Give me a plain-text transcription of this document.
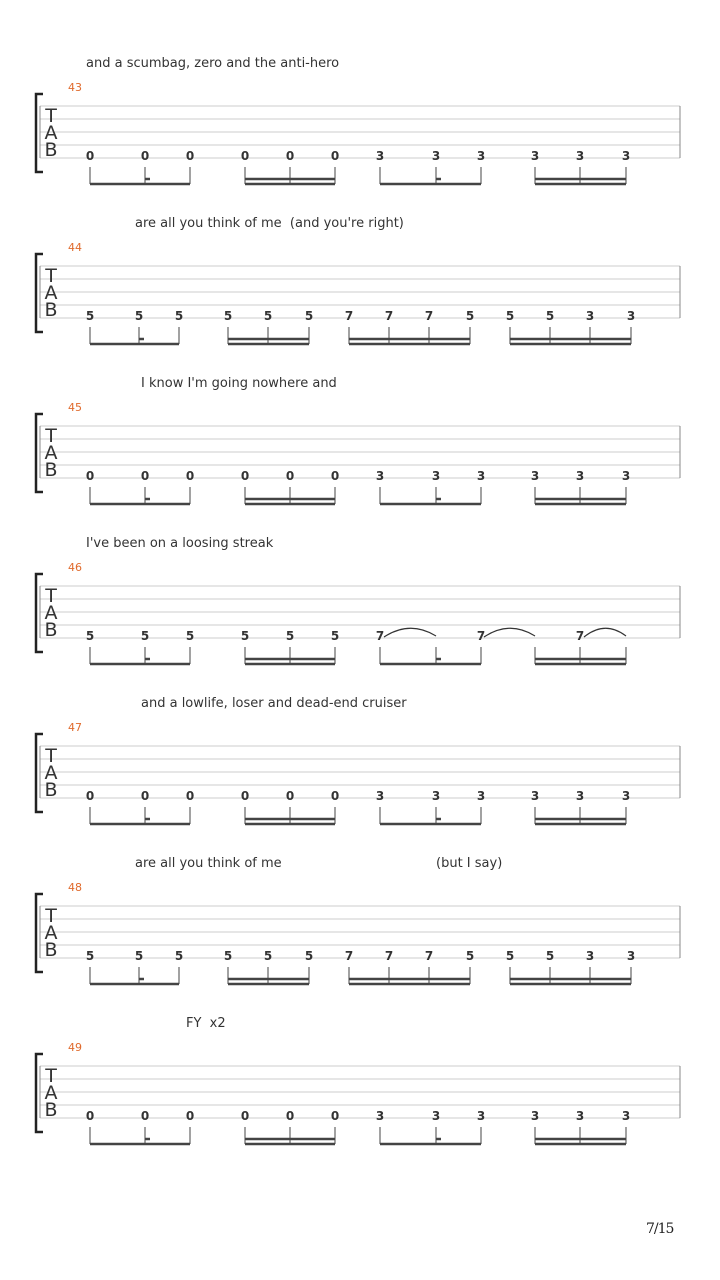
and a scumbag, zero and the anti-hero
43
T
A
B 0	0	0	0	0	0	3	3	3	3	3	3
are all you think of me  (and you're right)
44
T
A
B 5	5	5	5	5	5	7	7	7	5	5	5	3	3
I know I'm going nowhere and
45
T
A
B 0	0	0	0	0	0	3	3	3	3	3	3
I've been on a loosing streak
46
T
A
B 5	5	5	5	5	5	7	7	7
and a lowlife, loser and dead-end cruiser
47
T
A
B 0	0	0	0	0	0	3	3	3	3	3	3
are all you think of me	(but I say)
48
T
A
B 5	5	5	5	5	5	7	7	7	5	5	5	3	3
FY  x2
49
T
A
B 0	0	0	0	0	0	3	3	3	3	3	3
7/15
